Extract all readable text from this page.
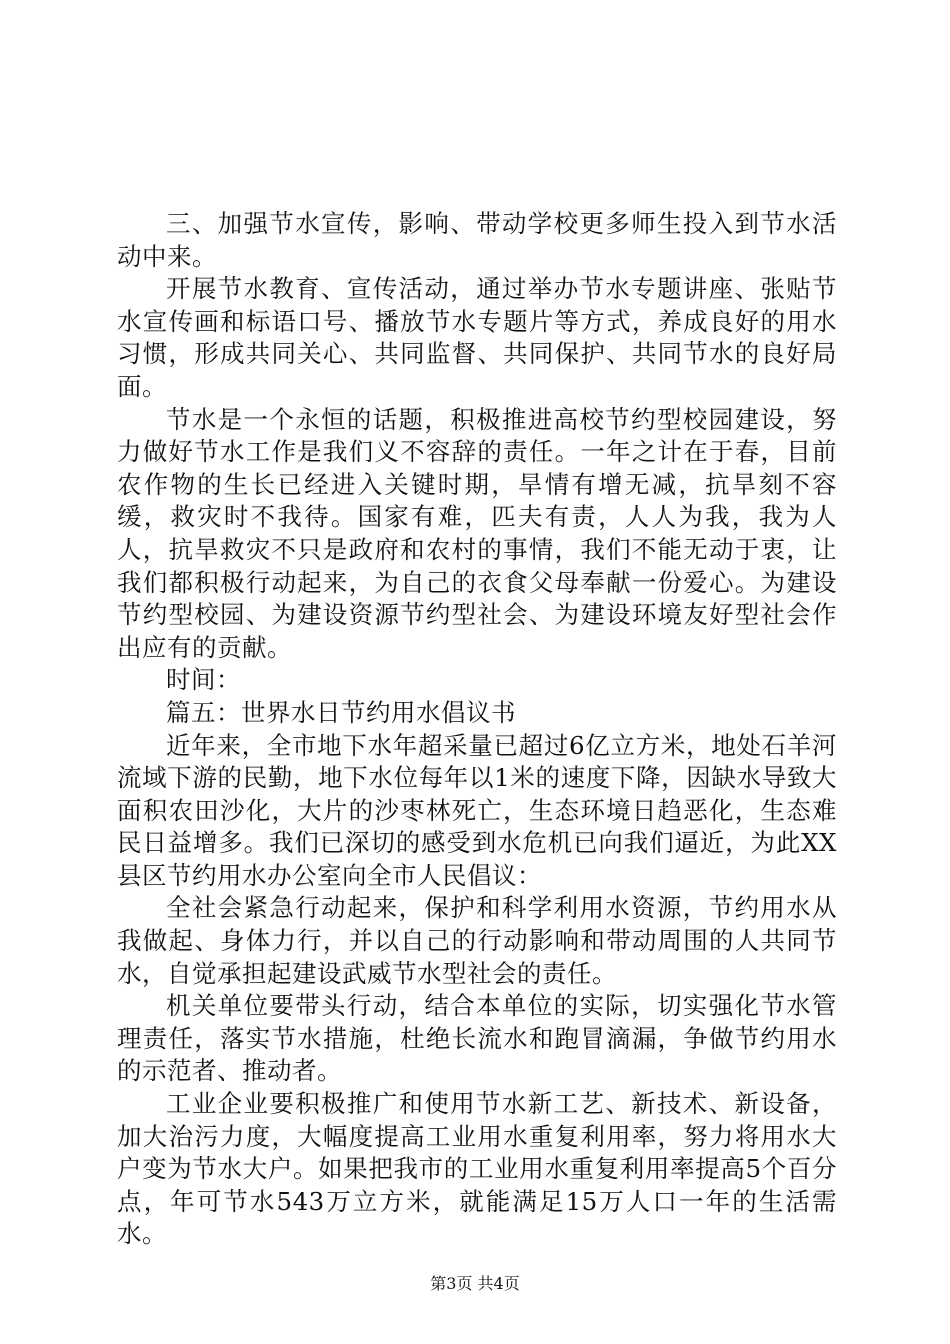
三、加强节水宣传，影响、带动学校更多师生投入到节水活动中来。

开展节水教育、宣传活动，通过举办节水专题讲座、张贴节水宣传画和标语口号、播放节水专题片等方式，养成良好的用水习惯，形成共同关心、共同监督、共同保护、共同节水的良好局面。

节水是一个永恒的话题，积极推进高校节约型校园建设，努力做好节水工作是我们义不容辞的责任。一年之计在于春，目前农作物的生长已经进入关键时期，旱情有增无减，抗旱刻不容缓，救灾时不我待。国家有难，匹夫有责，人人为我，我为人人，抗旱救灾不只是政府和农村的事情，我们不能无动于衷，让我们都积极行动起来，为自己的衣食父母奉献一份爱心。为建设节约型校园、为建设资源节约型社会、为建设环境友好型社会作出应有的贡献。

时间：

篇五：世界水日节约用水倡议书

近年来，全市地下水年超采量已超过6亿立方米，地处石羊河流域下游的民勤，地下水位每年以1米的速度下降，因缺水导致大面积农田沙化，大片的沙枣林死亡，生态环境日趋恶化，生态难民日益增多。我们已深切的感受到水危机已向我们逼近，为此XX县区节约用水办公室向全市人民倡议：

全社会紧急行动起来，保护和科学利用水资源，节约用水从我做起、身体力行，并以自己的行动影响和带动周围的人共同节水，自觉承担起建设武威节水型社会的责任。

机关单位要带头行动，结合本单位的实际，切实强化节水管理责任，落实节水措施，杜绝长流水和跑冒滴漏，争做节约用水的示范者、推动者。

工业企业要积极推广和使用节水新工艺、新技术、新设备，加大治污力度，大幅度提高工业用水重复利用率，努力将用水大户变为节水大户。如果把我市的工业用水重复利用率提高5个百分点，年可节水543万立方米，就能满足15万人口一年的生活需水。

第3页 共4页
